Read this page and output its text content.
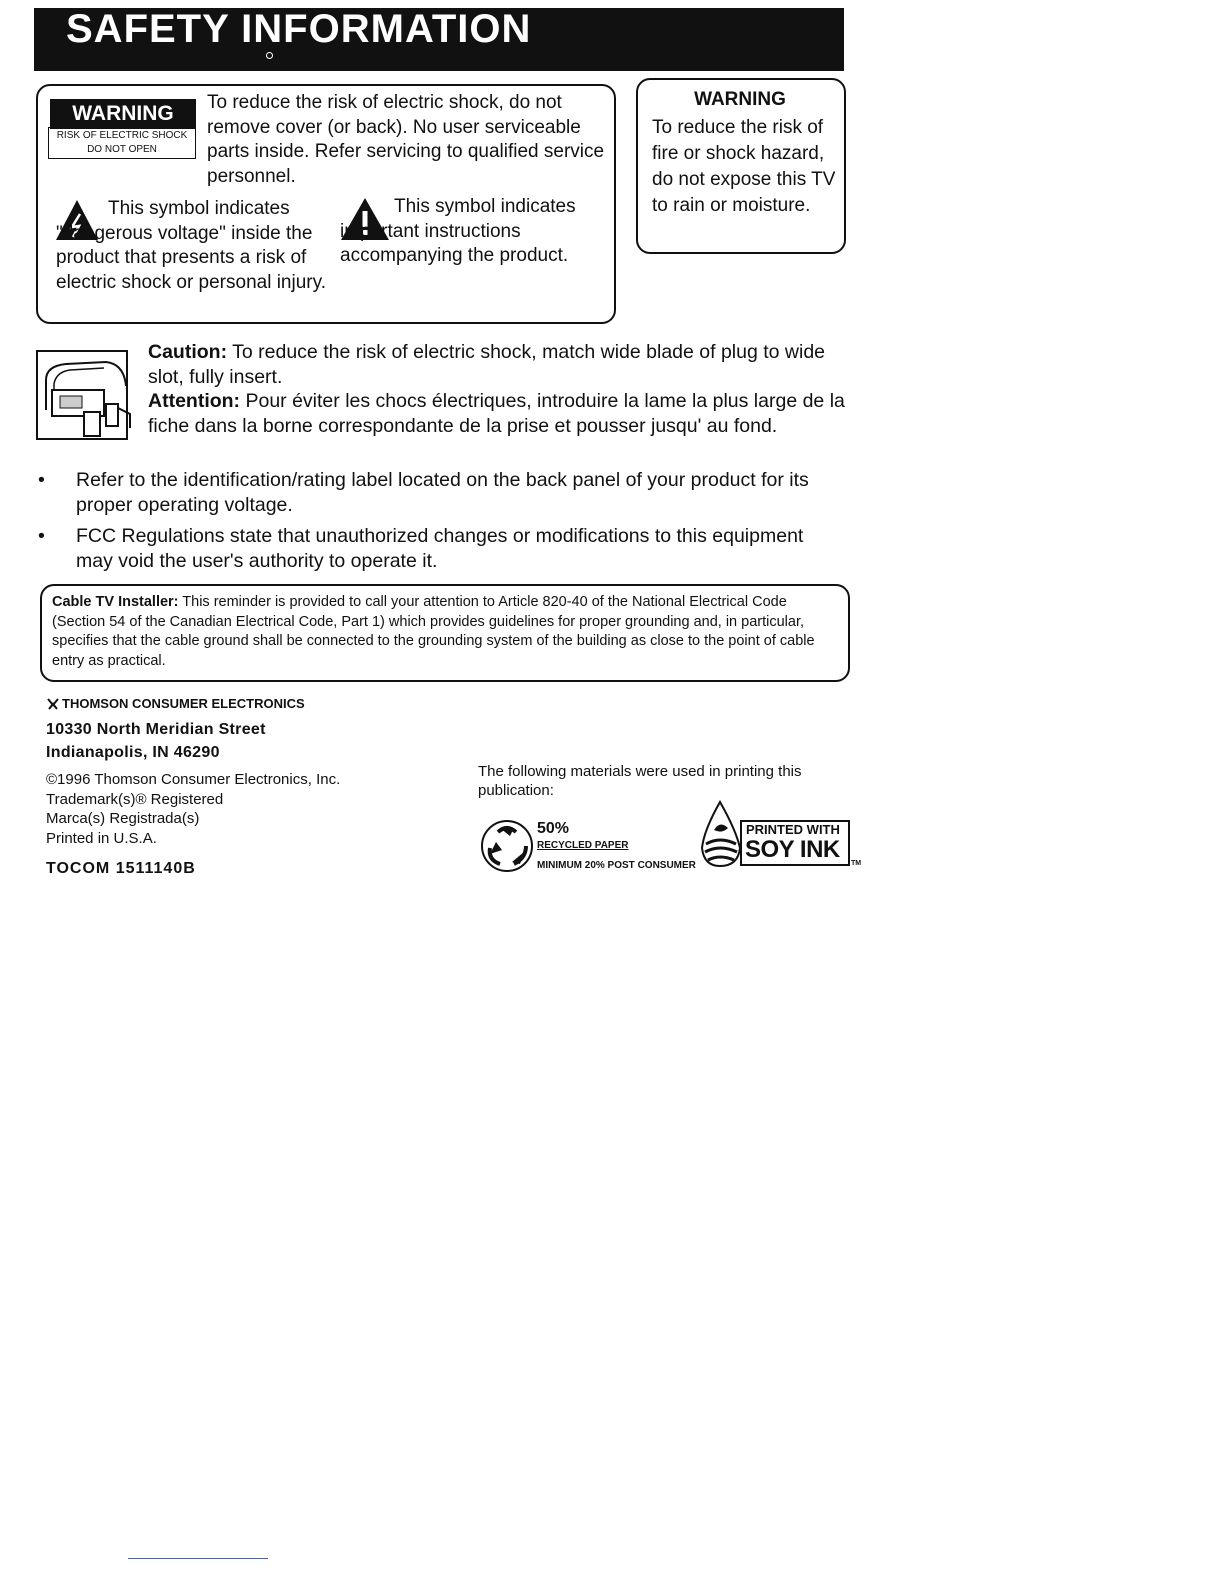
SAFETY INFORMATION
WARNING
RISK OF ELECTRIC SHOCK
DO NOT OPEN
To reduce the risk of electric shock, do not remove cover (or back). No user serviceable parts inside. Refer servicing to qualified service personnel.
This symbol indicates "dangerous voltage" inside the product that presents a risk of electric shock or personal injury.
This symbol indicates important instructions accompanying the product.
WARNING
To reduce the risk of fire or shock hazard, do not expose this TV to rain or moisture.
Caution: To reduce the risk of electric shock, match wide blade of plug to wide slot, fully insert.
Attention: Pour éviter les chocs électriques, introduire la lame la plus large de la fiche dans la borne correspondante de la prise et pousser jusqu' au fond.
• Refer to the identification/rating label located on the back panel of your product for its proper operating voltage.
• FCC Regulations state that unauthorized changes or modifications to this equipment may void the user's authority to operate it.
Cable TV Installer: This reminder is provided to call your attention to Article 820-40 of the National Electrical Code (Section 54 of the Canadian Electrical Code, Part 1) which provides guidelines for proper grounding and, in particular, specifies that the cable ground shall be connected to the grounding system of the building as close to the point of cable entry as practical.
THOMSON CONSUMER ELECTRONICS
10330 North Meridian Street
Indianapolis, IN 46290
©1996 Thomson Consumer Electronics, Inc.
Trademark(s)® Registered
Marca(s) Registrada(s)
Printed in U.S.A.
TOCOM 1511140B
The following materials were used in printing this publication:
50%
RECYCLED PAPER
MINIMUM 20% POST CONSUMER
PRINTED WITH
SOY INK
TM
